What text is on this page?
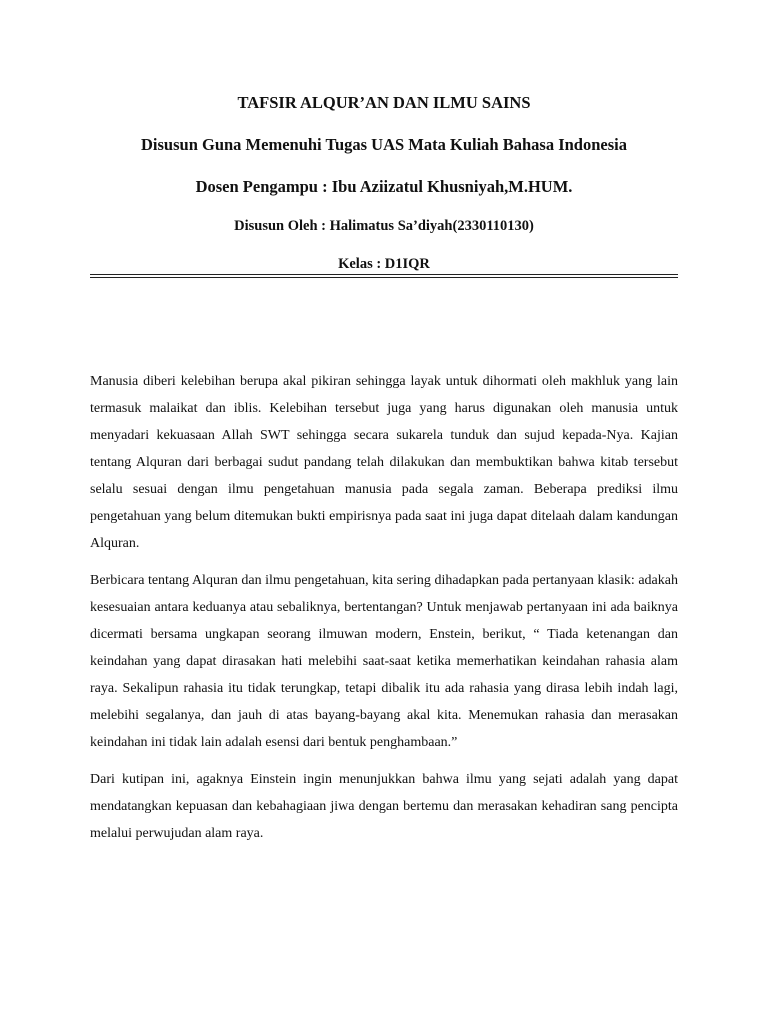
TAFSIR ALQUR’AN DAN ILMU SAINS
Disusun Guna Memenuhi Tugas UAS Mata Kuliah Bahasa Indonesia
Dosen Pengampu : Ibu Aziizatul Khusniyah,M.HUM.
Disusun Oleh : Halimatus Sa’diyah(2330110130)
Kelas : D1IQR

Manusia diberi kelebihan berupa akal pikiran sehingga layak untuk dihormati oleh makhluk yang lain termasuk malaikat dan iblis. Kelebihan tersebut juga yang harus digunakan oleh manusia untuk menyadari kekuasaan Allah SWT sehingga secara sukarela tunduk dan sujud kepada-Nya. Kajian tentang Alquran dari berbagai sudut pandang telah dilakukan dan membuktikan bahwa kitab tersebut selalu sesuai dengan ilmu pengetahuan manusia pada segala zaman. Beberapa prediksi ilmu pengetahuan yang belum ditemukan bukti empirisnya pada saat ini juga dapat ditelaah dalam kandungan Alquran.

Berbicara tentang Alquran dan ilmu pengetahuan, kita sering dihadapkan pada pertanyaan klasik: adakah kesesuaian antara keduanya atau sebaliknya, bertentangan? Untuk menjawab pertanyaan ini ada baiknya dicermati bersama ungkapan seorang ilmuwan modern, Enstein, berikut, “ Tiada ketenangan dan keindahan yang dapat dirasakan hati melebihi saat-saat ketika memerhatikan keindahan rahasia alam raya. Sekalipun rahasia itu tidak terungkap, tetapi dibalik itu ada rahasia yang dirasa lebih indah lagi, melebihi segalanya, dan jauh di atas bayang-bayang akal kita. Menemukan rahasia dan merasakan keindahan ini tidak lain adalah esensi dari bentuk penghambaan.”

Dari kutipan ini, agaknya Einstein ingin menunjukkan bahwa ilmu yang sejati adalah yang dapat mendatangkan kepuasan dan kebahagiaan jiwa dengan bertemu dan merasakan kehadiran sang pencipta melalui perwujudan alam raya.
